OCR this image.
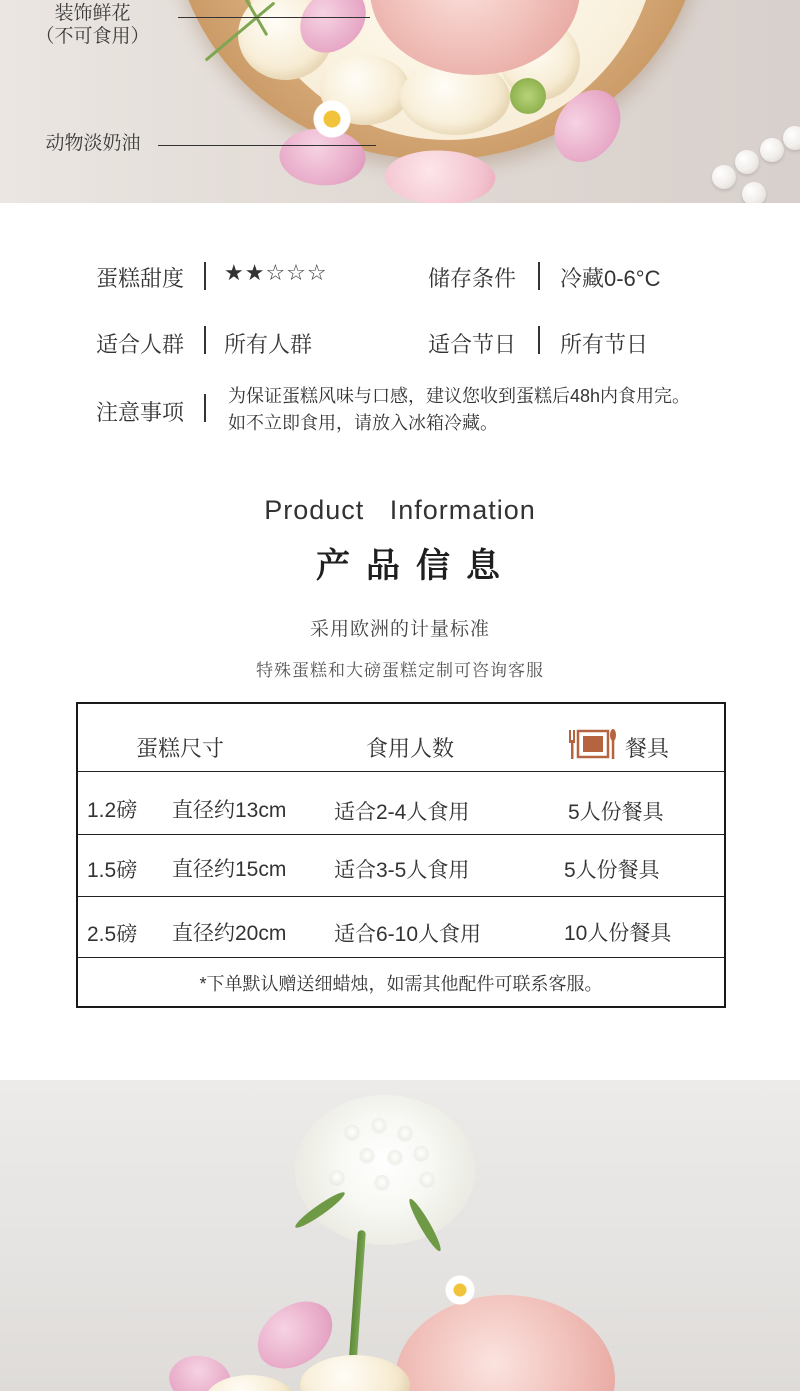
装饰鲜花
（不可食用）
动物淡奶油
蛋糕甜度 ★★☆☆☆	储存条件 冷藏0-6°C
适合人群 所有人群	适合节日 所有节日
注意事项
为保证蛋糕风味与口感，建议您收到蛋糕后48h内食用完。
如不立即食用，请放入冰箱冷藏。
Product   Information
产品信息
采用欧洲的计量标准
特殊蛋糕和大磅蛋糕定制可咨询客服
蛋糕尺寸	食用人数	餐具
1.2磅 直径约13cm 适合2-4人食用	5人份餐具
1.5磅 直径约15cm 适合3-5人食用	5人份餐具
2.5磅 直径约20cm 适合6-10人食用	10人份餐具
*下单默认赠送细蜡烛，如需其他配件可联系客服。
